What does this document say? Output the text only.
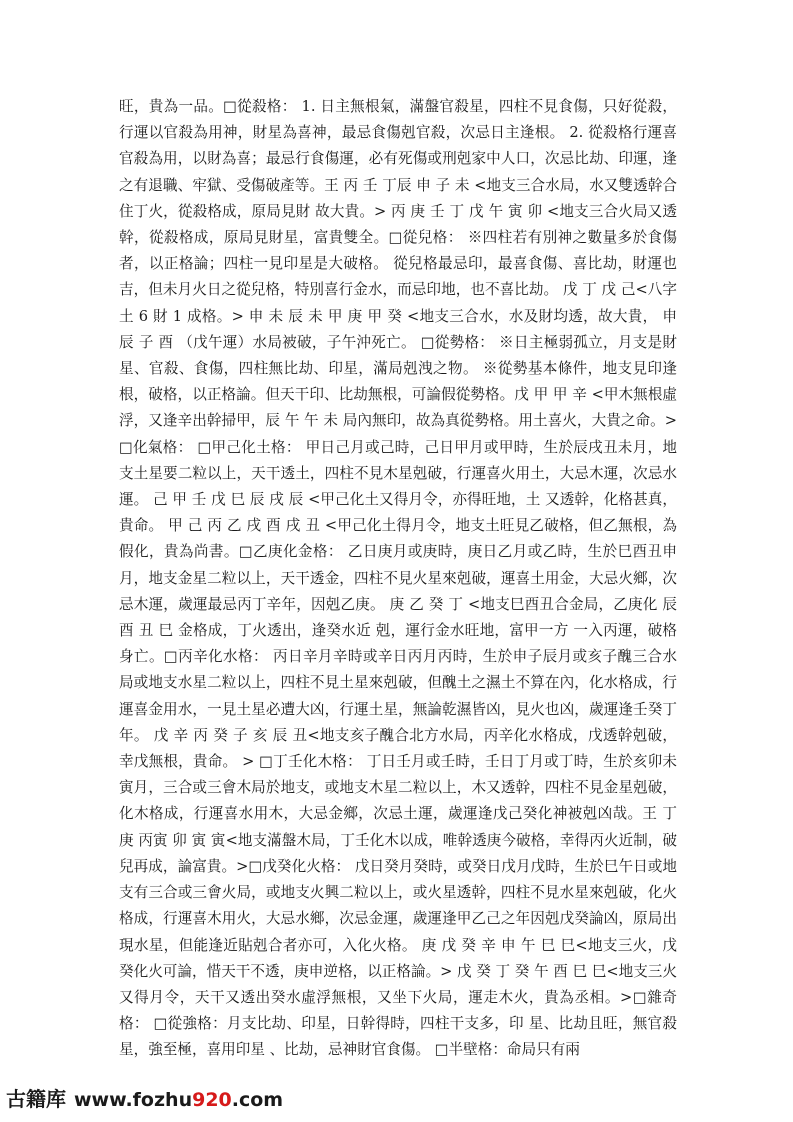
旺，貴為一品。□從殺格： 1. 日主無根氣，滿盤官殺星，四柱不見食傷，只好從殺，行運以官殺為用神，財星為喜神，最忌食傷剋官殺，次忌日主逢根。 2. 從殺格行運喜官殺為用，以財為喜；最忌行食傷運，必有死傷或刑剋家中人口，次忌比劫、印運，逢之有退職、牢獄、受傷破產等。王 丙 壬 丁辰 申 子 未 <地支三合水局，水又雙透幹合 住丁火，從殺格成，原局見財 故大貴。> 丙 庚 壬 丁 戊 午 寅 卯 <地支三合火局又透幹，從殺格成，原局見財星，富貴雙全。□從兒格： ※四柱若有別神之數量多於食傷者，以正格論；四柱一見印星是大破格。 從兒格最忌印，最喜食傷、喜比劫，財運也吉，但未月火日之從兒格，特別喜行金水，而忌印地，也不喜比劫。 戊 丁 戊 己<八字土 6 財 1 成格。> 申 未 辰 未 甲 庚 甲 癸 <地支三合水，水及財均透，故大貴， 申 辰 子 酉 （戊午運）水局被破，子午沖死亡。 □從勢格： ※日主極弱孤立，月支是財星、官殺、食傷，四柱無比劫、印星，滿局剋洩之物。 ※從勢基本條件，地支見印逢根，破格，以正格論。但天干印、比劫無根，可論假從勢格。戊 甲 甲 辛 <甲木無根虛浮，又逢辛出幹掃甲，辰 午 午 未 局內無印，故為真從勢格。用土喜火，大貴之命。>□化氣格： □甲己化土格： 甲日己月或己時，己日甲月或甲時，生於辰戌丑未月，地支土星要二粒以上，天干透土，四柱不見木星剋破，行運喜火用土，大忌木運，次忌水運。 己 甲 壬 戊 巳 辰 戌 辰 <甲己化土又得月令，亦得旺地，土 又透幹，化格甚真，貴命。 甲 己 丙 乙 戌 酉 戌 丑 <甲己化土得月令，地支土旺見乙破格，但乙無根，為假化，貴為尚書。□乙庚化金格： 乙日庚月或庚時，庚日乙月或乙時，生於巳酉丑申月，地支金星二粒以上，天干透金，四柱不見火星來剋破，運喜土用金，大忌火鄉，次忌木運，歲運最忌丙丁辛年，因剋乙庚。 庚 乙 癸 丁 <地支巳酉丑合金局，乙庚化 辰 酉 丑 巳 金格成，丁火透出，逢癸水近 剋，運行金水旺地，富甲一方 一入丙運，破格身亡。□丙辛化水格： 丙日辛月辛時或辛日丙月丙時，生於申子辰月或亥子醜三合水局或地支水星二粒以上，四柱不見土星來剋破，但醜土之濕土不算在內，化水格成，行運喜金用水，一見土星必遭大凶，行運土星，無論乾濕皆凶，見火也凶，歲運逢壬癸丁年。 戊 辛 丙 癸 子 亥 辰 丑<地支亥子醜合北方水局，丙辛化水格成，戊透幹剋破，幸戊無根，貴命。 > □丁壬化木格： 丁日壬月或壬時，壬日丁月或丁時，生於亥卯未寅月，三合或三會木局於地支，或地支木星二粒以上，木又透幹，四柱不見金星剋破，化木格成，行運喜水用木，大忌金鄉，次忌土運，歲運逢戊己癸化神被剋凶哉。王 丁 庚 丙寅 卯 寅 寅<地支滿盤木局，丁壬化木以成，唯幹透庚今破格，幸得丙火近制，破兒再成，論富貴。>□戊癸化火格： 戊日癸月癸時，或癸日戊月戊時，生於巳午日或地支有三合或三會火局，或地支火興二粒以上，或火星透幹，四柱不見水星來剋破，化火格成，行運喜木用火，大忌水鄉，次忌金運，歲運逢甲乙己之年因剋戊癸論凶，原局出現水星，但能逢近貼剋合者亦可，入化火格。 庚 戊 癸 辛 申 午 巳 巳<地支三火，戊癸化火可論，惜天干不透，庚申逆格，以正格論。> 戊 癸 丁 癸 午 酉 巳 巳<地支三火又得月令，天干又透出癸水虛浮無根，又坐下火局，運走木火，貴為丞相。>□雜奇格： □從強格：月支比劫、印星，日幹得時，四柱干支多，印 星、比劫且旺，無官殺星，強至極，喜用印星 、比劫，忌神財官食傷。 □半壁格：命局只有兩

古籍库 www.fozhu920.com
